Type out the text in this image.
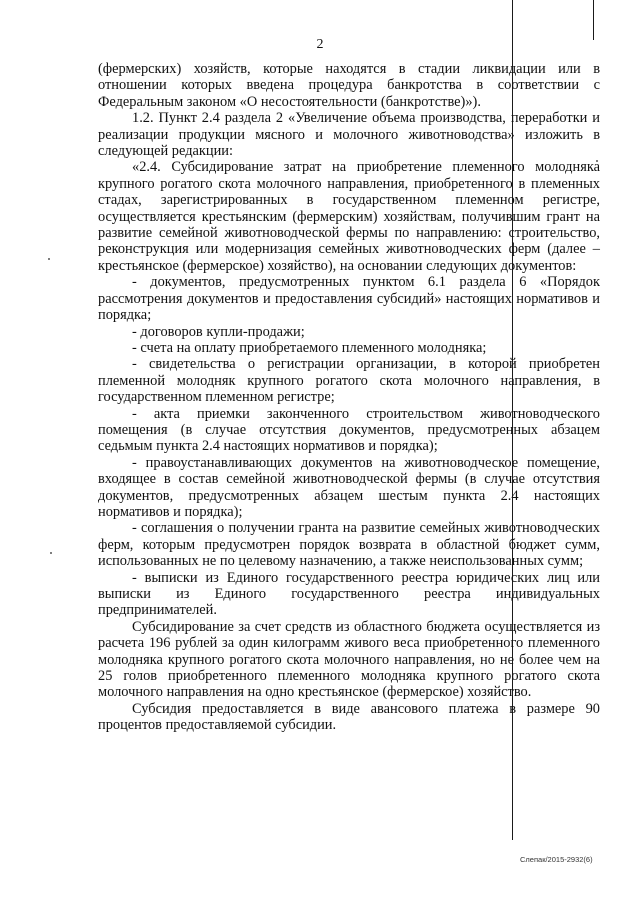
2

(фермерских) хозяйств, которые находятся в стадии ликвидации или в отношении которых введена процедура банкротства в соответствии с Федеральным законом «О несостоятельности (банкротстве)»).

1.2. Пункт 2.4 раздела 2 «Увеличение объема производства, переработки и реализации продукции мясного и молочного животноводства» изложить в следующей редакции:

«2.4. Субсидирование затрат на приобретение племенного молодняка крупного рогатого скота молочного направления, приобретенного в племенных стадах, зарегистрированных в государственном племенном регистре, осуществляется крестьянским (фермерским) хозяйствам, получившим грант на развитие семейной животноводческой фермы по направлению: строительство, реконструкция или модернизация семейных животноводческих ферм (далее – крестьянское (фермерское) хозяйство), на основании следующих документов:

- документов, предусмотренных пунктом 6.1 раздела 6 «Порядок рассмотрения документов и предоставления субсидий» настоящих нормативов и порядка;

- договоров купли-продажи;

- счета на оплату приобретаемого племенного молодняка;

- свидетельства о регистрации организации, в которой приобретен племенной молодняк крупного рогатого скота молочного направления, в государственном племенном регистре;

- акта приемки законченного строительством животноводческого помещения (в случае отсутствия документов, предусмотренных абзацем седьмым пункта 2.4 настоящих нормативов и порядка);

- правоустанавливающих документов на животноводческое помещение, входящее в состав семейной животноводческой фермы (в случае отсутствия документов, предусмотренных абзацем шестым пункта 2.4 настоящих нормативов и порядка);

- соглашения о получении гранта на развитие семейных животноводческих ферм, которым предусмотрен порядок возврата в областной бюджет сумм, использованных не по целевому назначению, а также неиспользованных сумм;

- выписки из Единого государственного реестра юридических лиц или выписки из Единого государственного реестра индивидуальных предпринимателей.

Субсидирование за счет средств из областного бюджета осуществляется из расчета 196 рублей за один килограмм живого веса приобретенного племенного молодняка крупного рогатого скота молочного направления, но не более чем на 25 голов приобретенного племенного молодняка крупного рогатого скота молочного направления на одно крестьянское (фермерское) хозяйство.

Субсидия предоставляется в виде авансового платежа в размере 90 процентов предоставляемой субсидии.

Cлепак/2015-2932(6)
